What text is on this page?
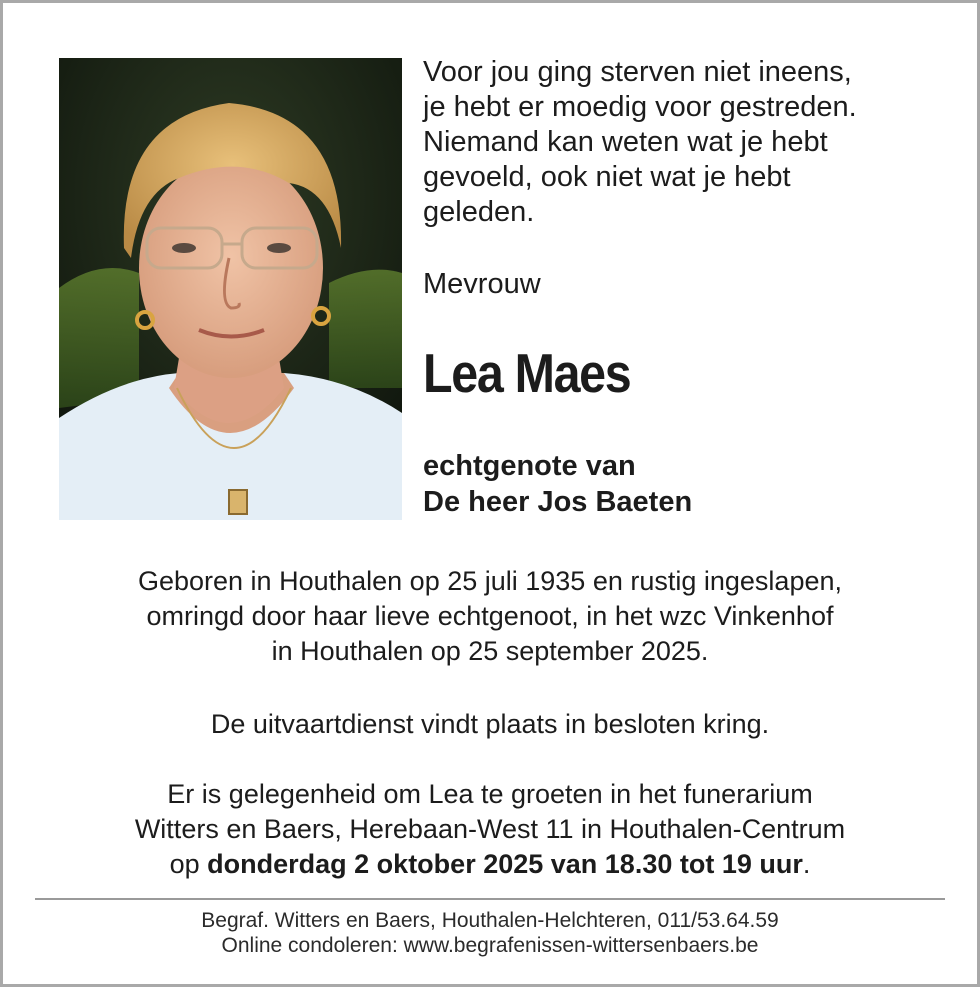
Voor jou ging sterven niet ineens,
je hebt er moedig voor gestreden.
Niemand kan weten wat je hebt
gevoeld, ook niet wat je hebt
geleden.

Mevrouw
Lea Maes
echtgenote van
De heer Jos Baeten
Geboren in Houthalen op 25 juli 1935 en rustig ingeslapen,
omringd door haar lieve echtgenoot, in het wzc Vinkenhof
in Houthalen op 25 september 2025.
De uitvaartdienst vindt plaats in besloten kring.
Er is gelegenheid om Lea te groeten in het funerarium
Witters en Baers, Herebaan-West 11 in Houthalen-Centrum
op donderdag 2 oktober 2025 van 18.30 tot 19 uur.
Begraf. Witters en Baers, Houthalen-Helchteren, 011/53.64.59
Online condoleren: www.begrafenissen-wittersenbaers.be
